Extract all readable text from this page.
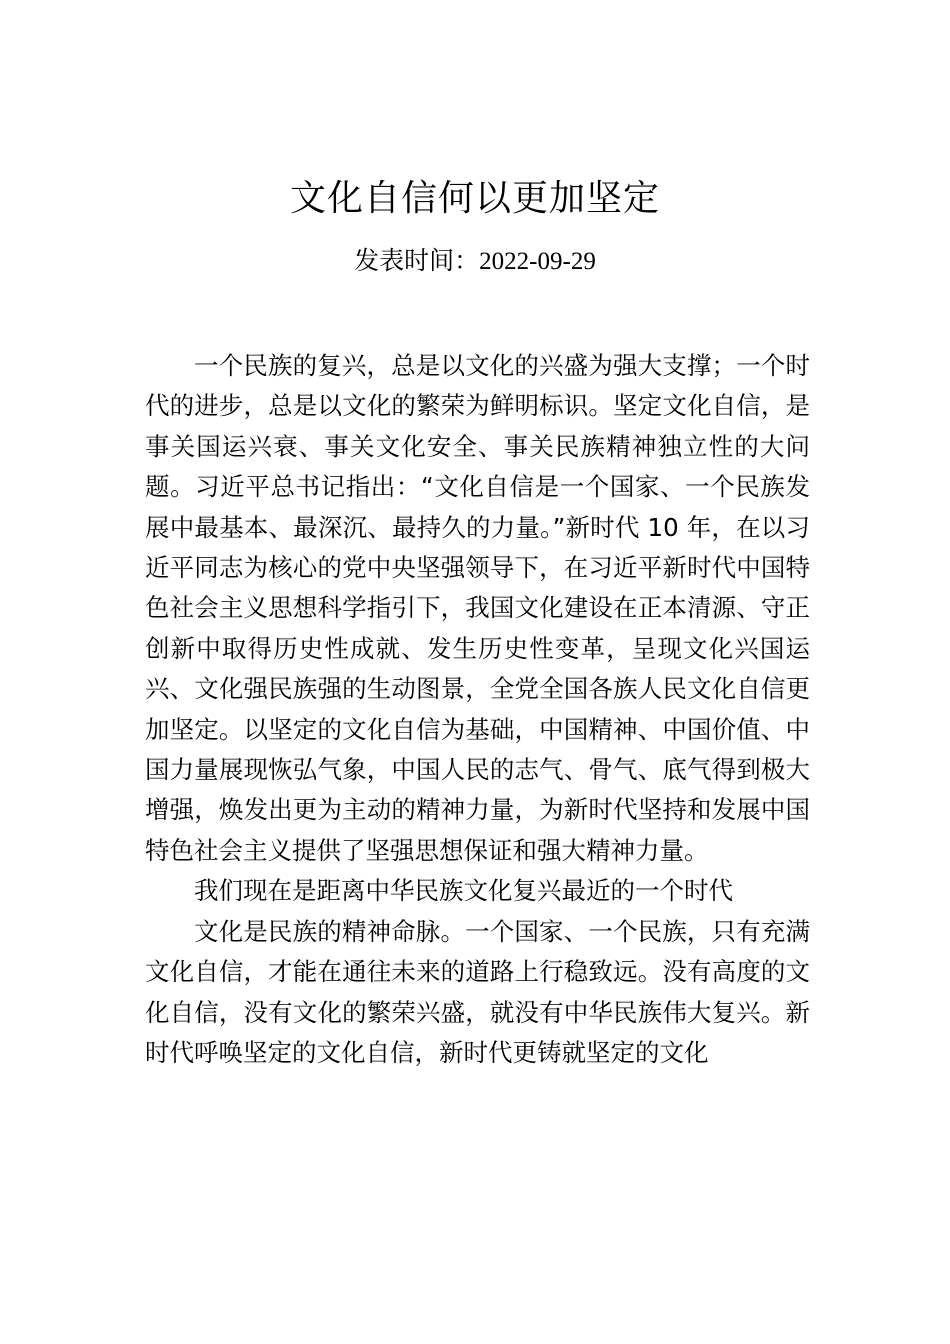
文化自信何以更加坚定
发表时间：2022-09-29

一个民族的复兴，总是以文化的兴盛为强大支撑；一个时代的进步，总是以文化的繁荣为鲜明标识。坚定文化自信，是事关国运兴衰、事关文化安全、事关民族精神独立性的大问题。习近平总书记指出：“文化自信是一个国家、一个民族发展中最基本、最深沉、最持久的力量。”新时代 10 年，在以习近平同志为核心的党中央坚强领导下，在习近平新时代中国特色社会主义思想科学指引下，我国文化建设在正本清源、守正创新中取得历史性成就、发生历史性变革，呈现文化兴国运兴、文化强民族强的生动图景，全党全国各族人民文化自信更加坚定。以坚定的文化自信为基础，中国精神、中国价值、中国力量展现恢弘气象，中国人民的志气、骨气、底气得到极大增强，焕发出更为主动的精神力量，为新时代坚持和发展中国特色社会主义提供了坚强思想保证和强大精神力量。

我们现在是距离中华民族文化复兴最近的一个时代

文化是民族的精神命脉。一个国家、一个民族，只有充满文化自信，才能在通往未来的道路上行稳致远。没有高度的文化自信，没有文化的繁荣兴盛，就没有中华民族伟大复兴。新时代呼唤坚定的文化自信，新时代更铸就坚定的文化
